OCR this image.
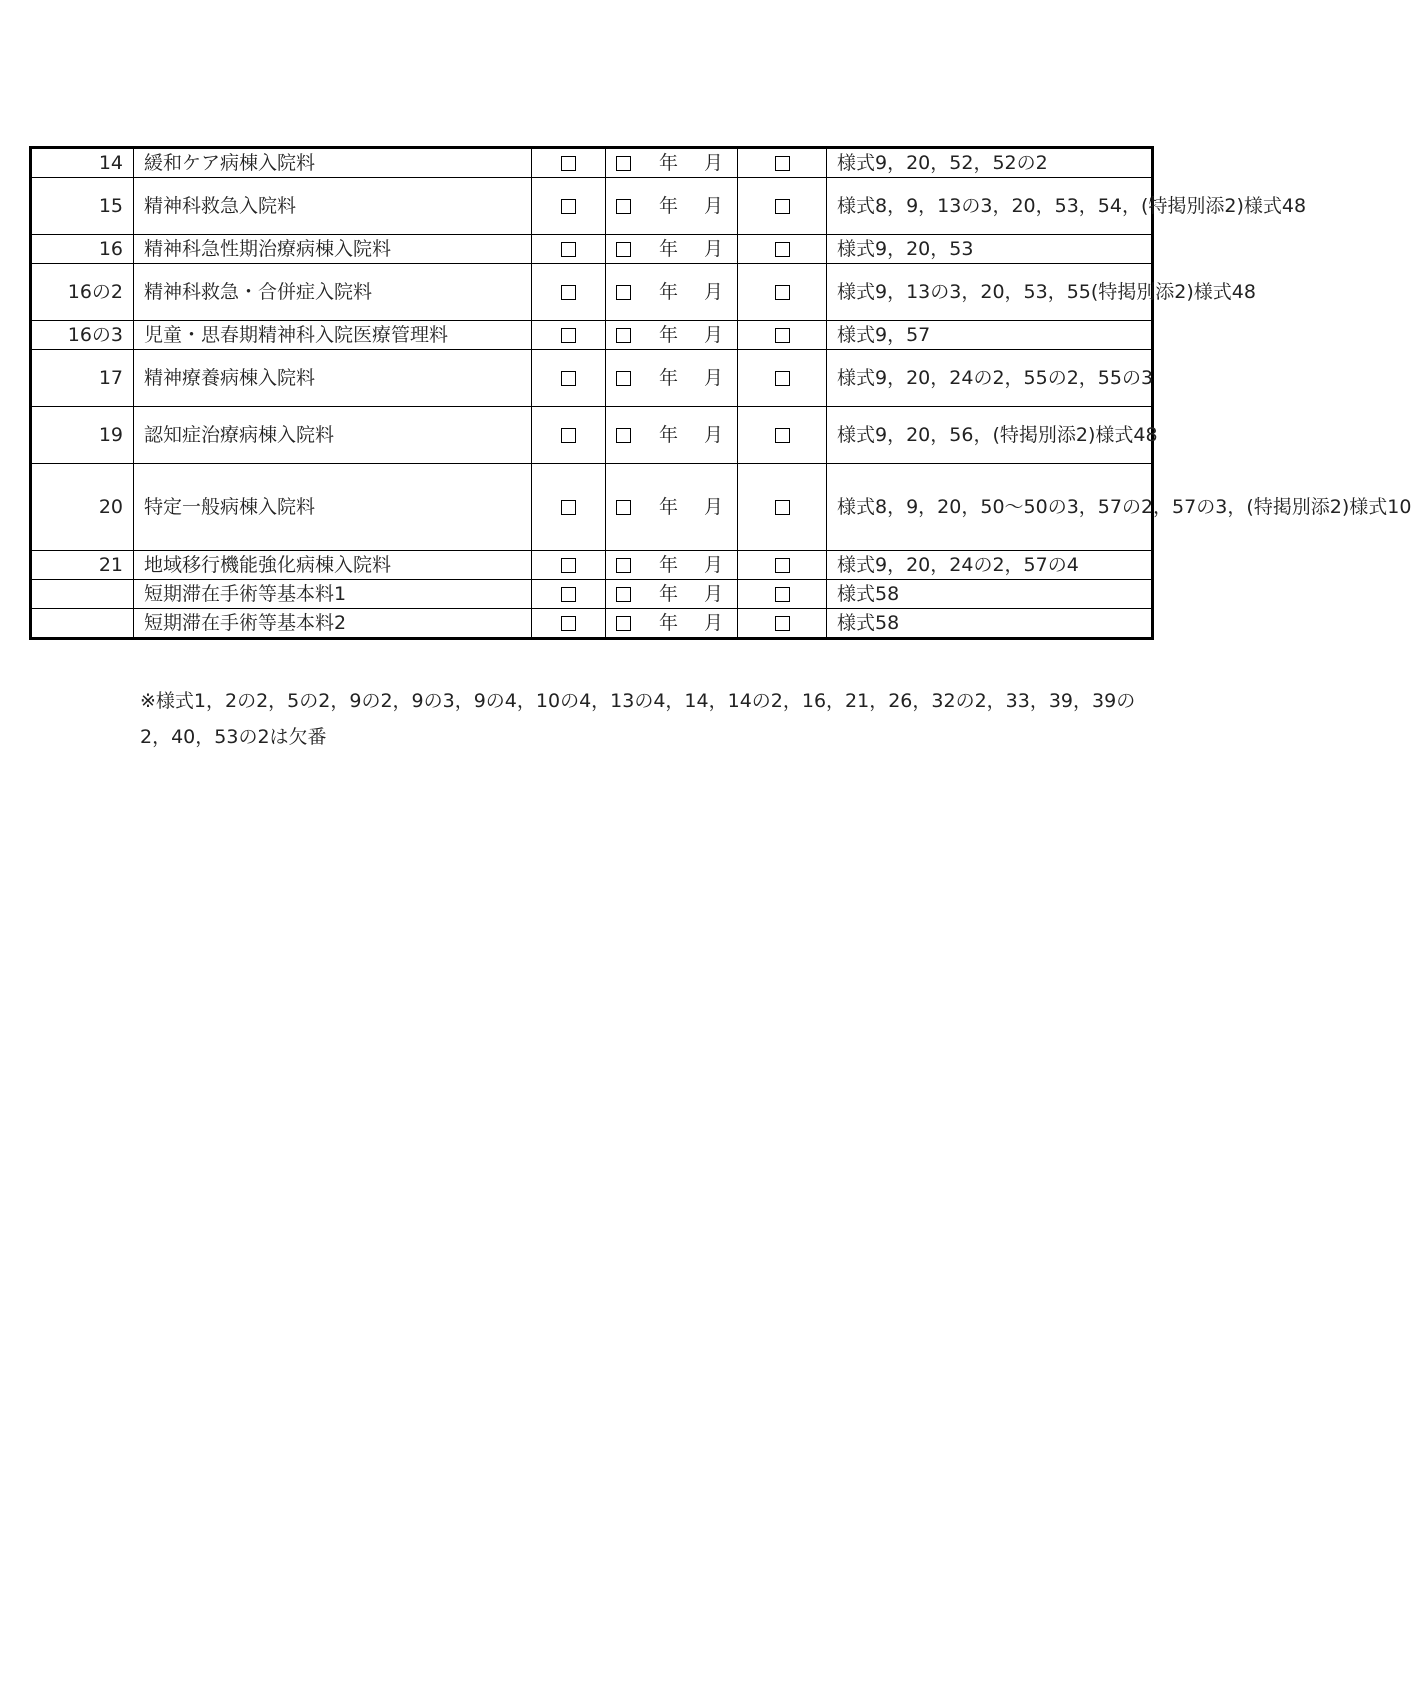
14	緩和ケア病棟入院料		年 月		様式9，20，52，52の2
15	精神科救急入院料		年 月		様式8，9，13の3，20，53，54，(特掲別添2)様式48
16	精神科急性期治療病棟入院料		年 月		様式9，20，53
16の2	精神科救急・合併症入院料		年 月		様式9，13の3，20，53，55(特掲別添2)様式48
16の3	児童・思春期精神科入院医療管理料		年 月		様式9，57
17	精神療養病棟入院料		年 月		様式9，20，24の2，55の2，55の3
19	認知症治療病棟入院料		年 月		様式9，20，56，(特掲別添2)様式48
20	特定一般病棟入院料		年 月		様式8，9，20，50～50の3，57の2，57の3，(特掲別添2)様式10
21	地域移行機能強化病棟入院料		年 月		様式9，20，24の2，57の4
	短期滞在手術等基本料1		年 月		様式58
	短期滞在手術等基本料2		年 月		様式58
※様式1，2の2，5の2，9の2，9の3，9の4，10の4，13の4，14，14の2，16，21，26，32の2，33，39，39の2，40，53の2は欠番
